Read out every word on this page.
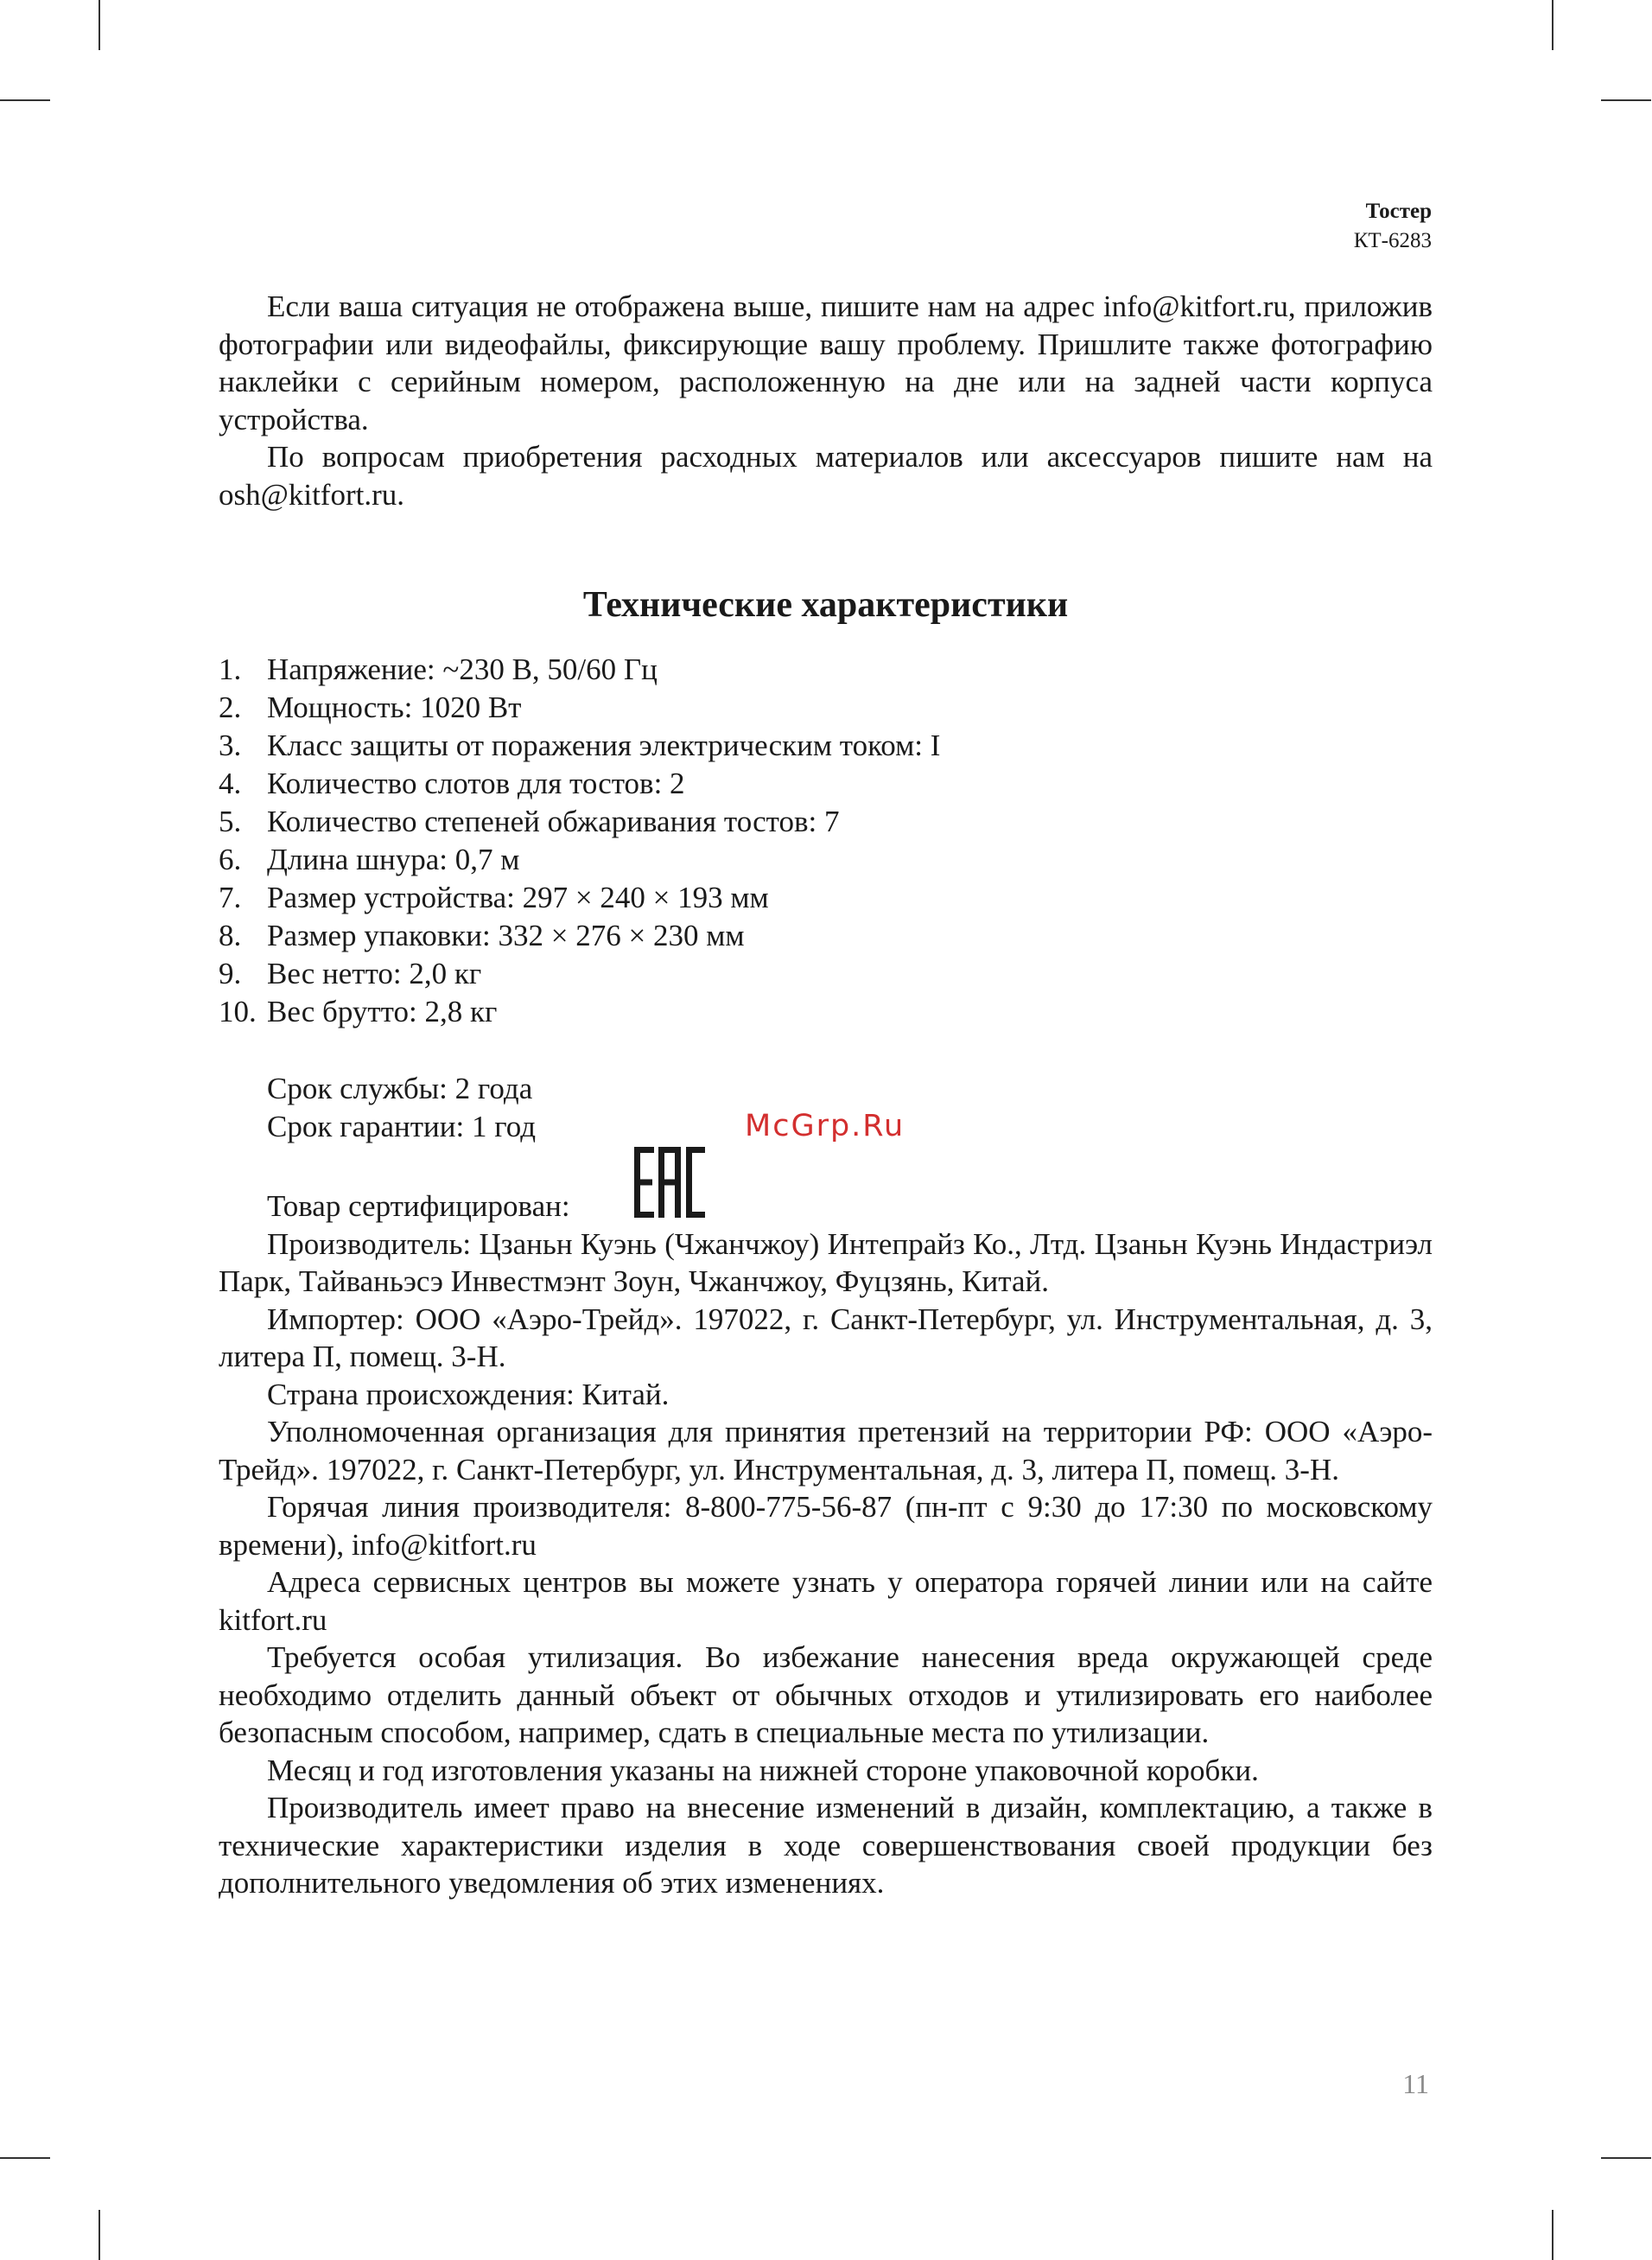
Тостер
КТ-6283

Если ваша ситуация не отображена выше, пишите нам на адрес info@kitfort.ru, приложив фотографии или видеофайлы, фиксирующие вашу проблему. Пришлите также фотографию наклейки с серийным номером, расположенную на дне или на задней части корпуса устройства.

По вопросам приобретения расходных материалов или аксессуаров пишите нам на osh@kitfort.ru.

Технические характеристики
1. Напряжение: ~230 В, 50/60 Гц
2. Мощность: 1020 Вт
3. Класс защиты от поражения электрическим током: I
4. Количество слотов для тостов: 2
5. Количество степеней обжаривания тостов: 7
6. Длина шнура: 0,7 м
7. Размер устройства: 297 × 240 × 193 мм
8. Размер упаковки: 332 × 276 × 230 мм
9. Вес нетто: 2,0 кг
10. Вес брутто: 2,8 кг

Срок службы: 2 года

Срок гарантии: 1 год

Товар сертифицирован:

Производитель: Цзаньн Куэнь (Чжанчжоу) Интепрайз Ко., Лтд. Цзаньн Куэнь Индастриэл Парк, Тайваньэсэ Инвестмэнт Зоун, Чжанчжоу, Фуцзянь, Китай.

Импортер: ООО «Аэро-Трейд». 197022, г. Санкт-Петербург, ул. Инструментальная, д. 3, литера П, помещ. 3-Н.

Страна происхождения: Китай.

Уполномоченная организация для принятия претензий на территории РФ: ООО «Аэро-Трейд». 197022, г. Санкт-Петербург, ул. Инструментальная, д. 3, литера П, помещ. 3-Н.

Горячая линия производителя: 8-800-775-56-87 (пн-пт с 9:30 до 17:30 по московскому времени), info@kitfort.ru

Адреса сервисных центров вы можете узнать у оператора горячей линии или на сайте kitfort.ru

Требуется особая утилизация. Во избежание нанесения вреда окружающей среде необходимо отделить данный объект от обычных отходов и утилизировать его наиболее безопасным способом, например, сдать в специальные места по утилизации.

Месяц и год изготовления указаны на нижней стороне упаковочной коробки.

Производитель имеет право на внесение изменений в дизайн, комплектацию, а также в технические характеристики изделия в ходе совершенствования своей продукции без дополнительного уведомления об этих изменениях.

McGrp.Ru
11
